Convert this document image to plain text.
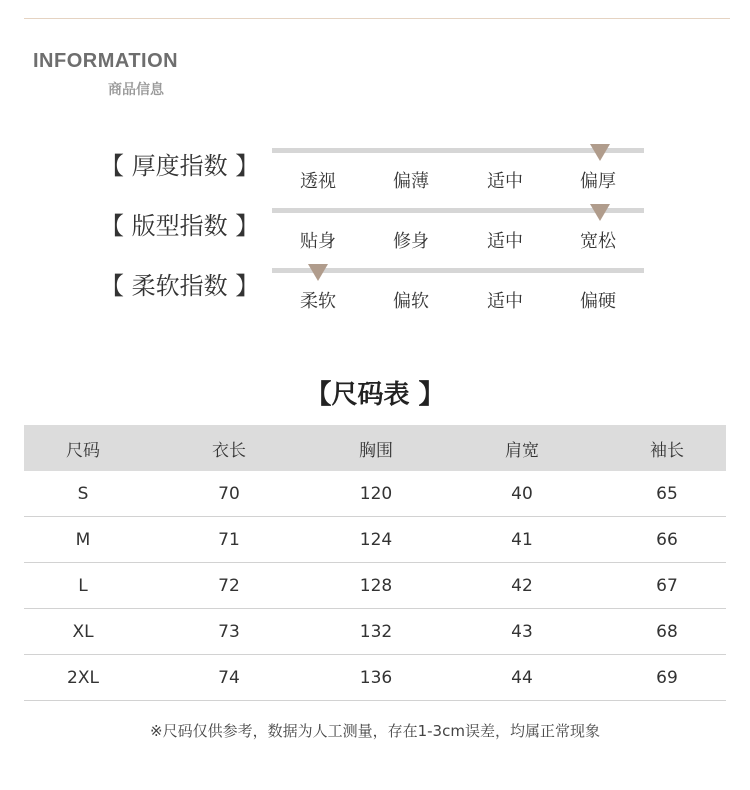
INFORMATION
商品信息
【 厚度指数 】
透视	偏薄	适中	偏厚
【 版型指数 】
贴身	修身	适中	宽松
【 柔软指数 】
柔软	偏软	适中	偏硬
【尺码表 】
尺码	衣长	胸围	肩宽	袖长
S	70	120	40	65
M	71	124	41	66
L	72	128	42	67
XL	73	132	43	68
2XL	74	136	44	69
※尺码仅供参考，数据为人工测量，存在1-3cm误差，均属正常现象
